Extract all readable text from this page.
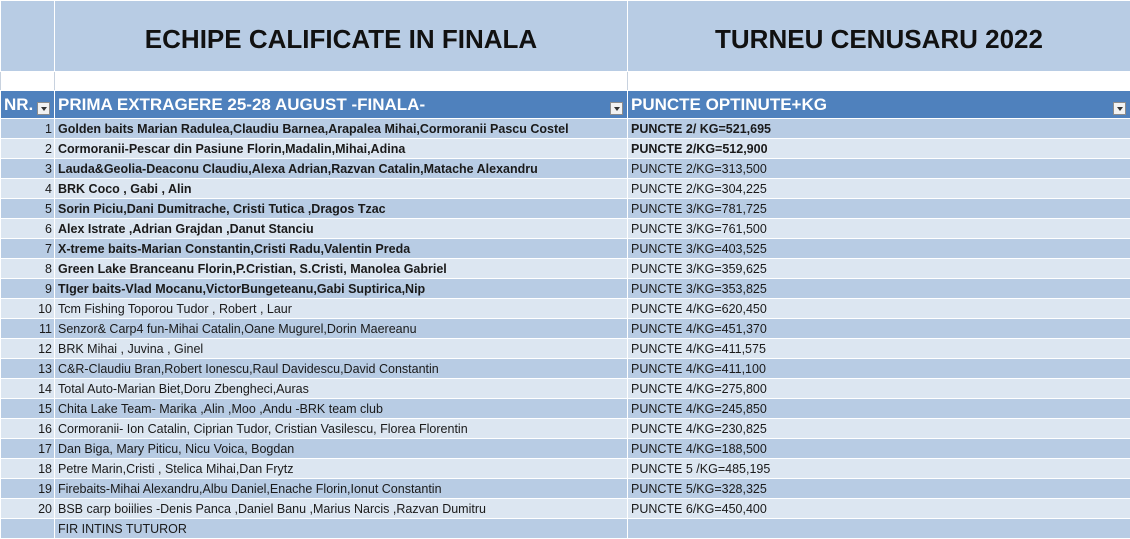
	ECHIPE CALIFICATE IN FINALA	TURNEU CENUSARU 2022

NR.	PRIMA EXTRAGERE 25-28 AUGUST -FINALA-	PUNCTE OPTINUTE+KG

1	Golden baits Marian Radulea,Claudiu Barnea,Arapalea Mihai,Cormoranii Pascu Costel	PUNCTE 2/ KG=521,695
2	Cormoranii-Pescar din Pasiune Florin,Madalin,Mihai,Adina	PUNCTE 2/KG=512,900
3	Lauda&Geolia-Deaconu Claudiu,Alexa Adrian,Razvan Catalin,Matache Alexandru	PUNCTE 2/KG=313,500
4	BRK Coco , Gabi , Alin	PUNCTE 2/KG=304,225
5	Sorin Piciu,Dani Dumitrache, Cristi Tutica ,Dragos Tzac	PUNCTE 3/KG=781,725
6	Alex Istrate ,Adrian Grajdan ,Danut Stanciu	PUNCTE 3/KG=761,500
7	X-treme baits-Marian Constantin,Cristi Radu,Valentin Preda	PUNCTE 3/KG=403,525
8	Green Lake Branceanu Florin,P.Cristian, S.Cristi, Manolea Gabriel	PUNCTE 3/KG=359,625
9	TIger baits-Vlad Mocanu,VictorBungeteanu,Gabi Suptirica,Nip	PUNCTE 3/KG=353,825
10	Tcm Fishing Toporou Tudor , Robert , Laur	PUNCTE 4/KG=620,450
11	Senzor& Carp4 fun-Mihai Catalin,Oane Mugurel,Dorin Maereanu	PUNCTE 4/KG=451,370
12	BRK Mihai , Juvina , Ginel	PUNCTE 4/KG=411,575
13	C&R-Claudiu Bran,Robert Ionescu,Raul Davidescu,David Constantin	PUNCTE 4/KG=411,100
14	Total Auto-Marian Biet,Doru Zbengheci,Auras	PUNCTE 4/KG=275,800
15	Chita Lake Team- Marika ,Alin ,Moo ,Andu -BRK team club	PUNCTE 4/KG=245,850
16	Cormoranii- Ion Catalin, Ciprian Tudor, Cristian Vasilescu, Florea Florentin	PUNCTE 4/KG=230,825
17	Dan Biga, Mary Piticu, Nicu Voica, Bogdan	PUNCTE 4/KG=188,500
18	Petre Marin,Cristi , Stelica Mihai,Dan Frytz	PUNCTE 5 /KG=485,195
19	Firebaits-Mihai Alexandru,Albu Daniel,Enache Florin,Ionut Constantin	PUNCTE 5/KG=328,325
20	BSB carp boiilies -Denis Panca ,Daniel Banu ,Marius Narcis ,Razvan Dumitru	PUNCTE 6/KG=450,400
	FIR INTINS TUTUROR	
